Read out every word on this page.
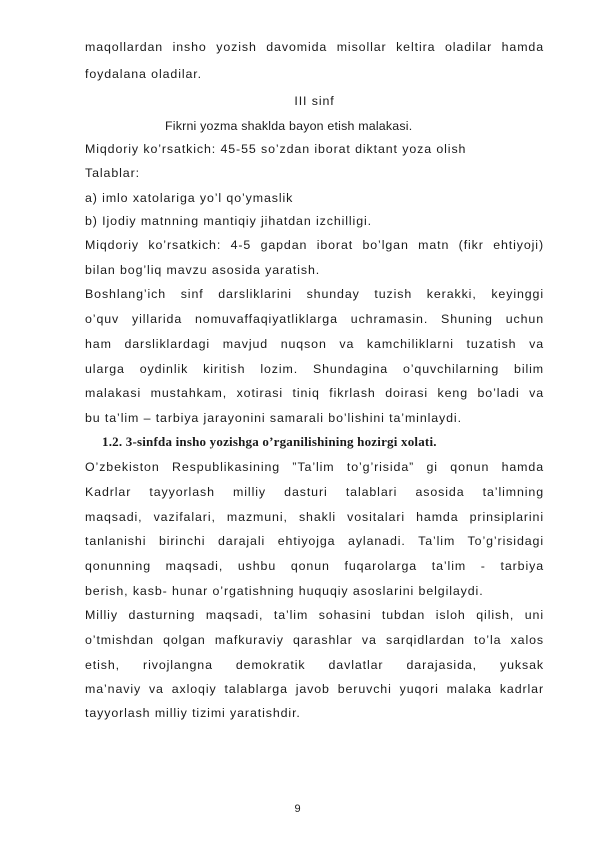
maqollardan insho yozish davomida misollar keltira oladilar hamda
foydalana oladilar.
III sinf
Fikrni yozma shaklda bayon etish malakasi.
Miqdoriy ko’rsatkich: 45-55 so’zdan iborat diktant yoza olish
Talablar:
a) imlo xatolariga yo’l qo’ymaslik
b) Ijodiy matnning mantiqiy jihatdan izchilligi.
Miqdoriy ko’rsatkich: 4-5 gapdan iborat bo’lgan matn (fikr ehtiyoji)
bilan bog’liq mavzu asosida yaratish.
Boshlang’ich sinf darsliklarini shunday tuzish kerakki, keyinggi
o’quv yillarida nomuvaffaqiyatliklarga uchramasin. Shuning uchun
ham darsliklardagi mavjud nuqson va kamchiliklarni tuzatish va
ularga oydinlik kiritish lozim. Shundagina o’quvchilarning bilim
malakasi mustahkam, xotirasi tiniq fikrlash doirasi keng bo’ladi va
bu ta’lim – tarbiya jarayonini samarali bo’lishini ta’minlaydi.
1.2. 3-sinfda insho yozishga o’rganilishining hozirgi xolati.
O’zbekiston Respublikasining ”Ta’lim to’g’risida” gi qonun hamda
Kadrlar tayyorlash milliy dasturi talablari asosida ta’limning
maqsadi, vazifalari, mazmuni, shakli vositalari hamda prinsiplarini
tanlanishi birinchi darajali ehtiyojga aylanadi. Ta’lim To’g’risidagi
qonunning maqsadi, ushbu qonun fuqarolarga ta’lim - tarbiya
berish, kasb- hunar o’rgatishning huquqiy asoslarini belgilaydi.
Milliy dasturning maqsadi, ta’lim sohasini tubdan isloh qilish, uni
o’tmishdan qolgan mafkuraviy qarashlar va sarqidlardan to’la xalos
etish, rivojlangna demokratik davlatlar darajasida, yuksak
ma’naviy va axloqiy talablarga javob beruvchi yuqori malaka kadrlar
tayyorlash milliy tizimi yaratishdir.
9
